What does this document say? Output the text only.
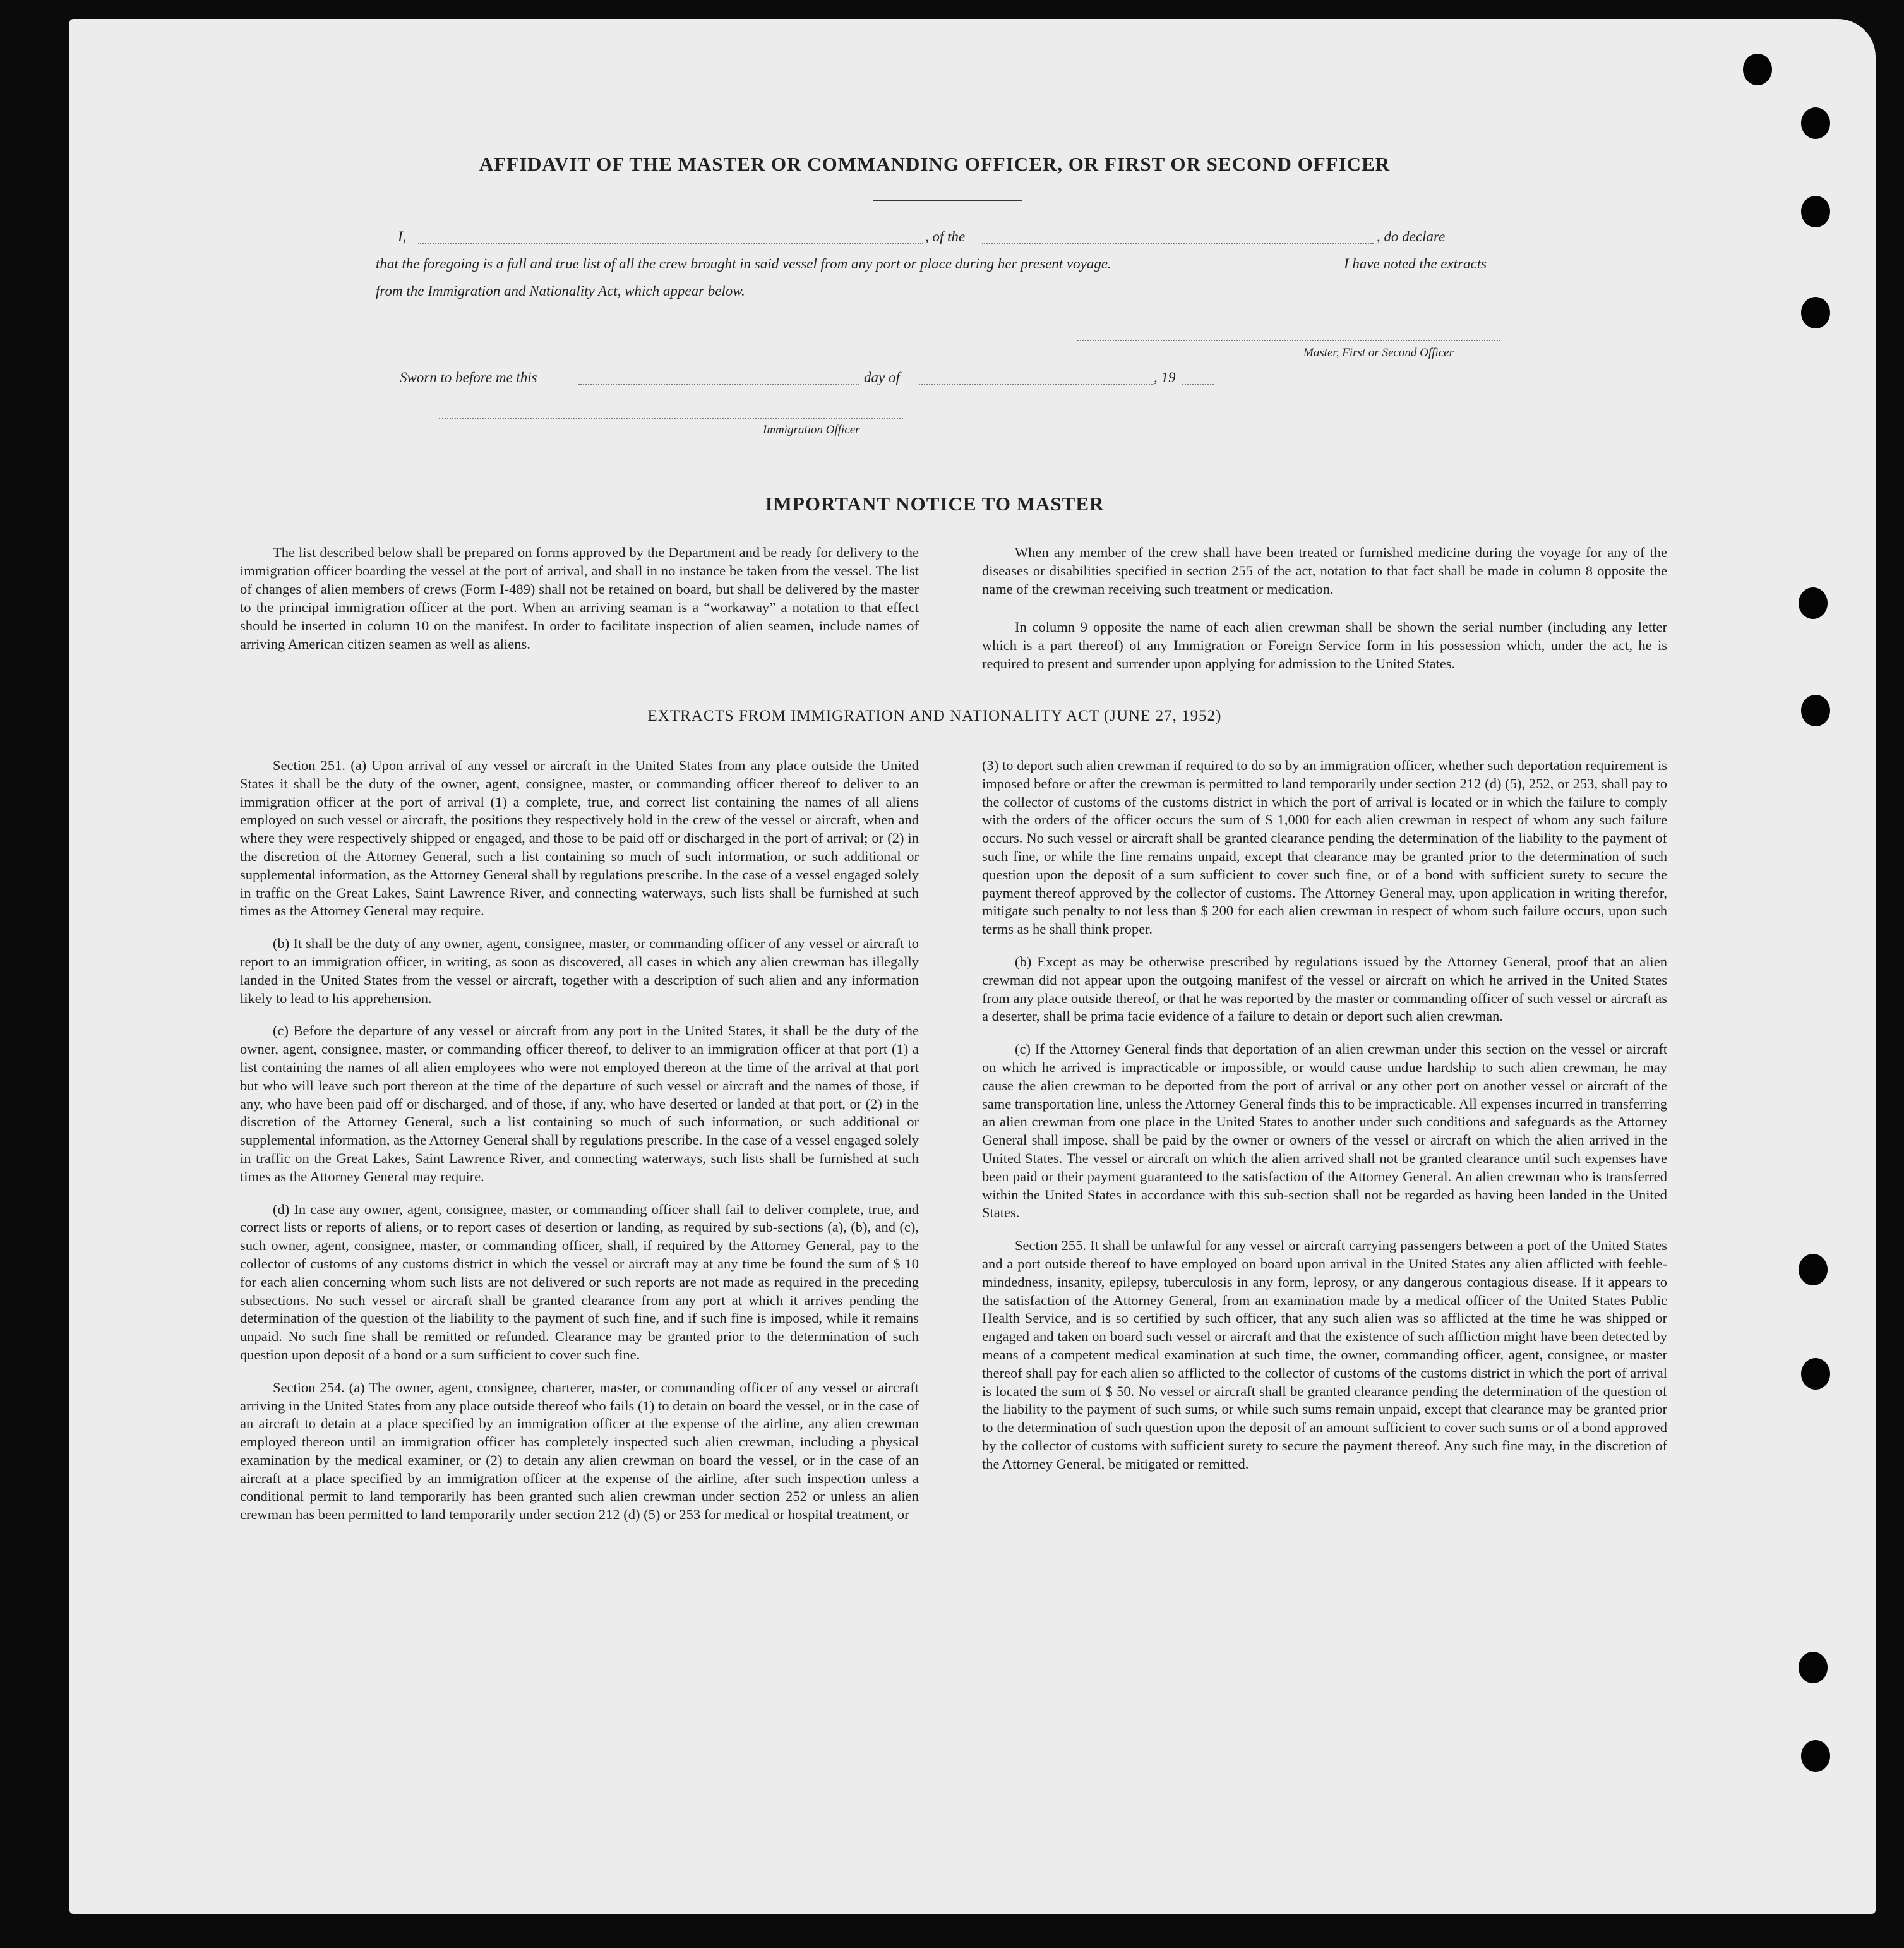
AFFIDAVIT OF THE MASTER OR COMMANDING OFFICER, OR FIRST OR SECOND OFFICER
I,	, of the	, do declare
that the foregoing is a full and true list of all the crew brought in said vessel from any port or place during her present voyage.	I have noted the extracts
from the Immigration and Nationality Act, which appear below.
Master, First or Second Officer
Sworn to before me this	day of	, 19
Immigration Officer
IMPORTANT NOTICE TO MASTER
The list described below shall be prepared on forms approved by the Department and be ready for delivery to the immigration officer boarding the vessel at the port of arrival, and shall in no instance be taken from the vessel. The list of changes of alien members of crews (Form I-489) shall not be retained on board, but shall be delivered by the master to the principal immigration officer at the port. When an arriving seaman is a “workaway” a notation to that effect should be inserted in column 10 on the manifest. In order to facilitate inspection of alien seamen, include names of arriving American citizen seamen as well as aliens.
When any member of the crew shall have been treated or furnished medicine during the voyage for any of the diseases or disabilities specified in section 255 of the act, notation to that fact shall be made in column 8 opposite the name of the crewman receiving such treatment or medication.
In column 9 opposite the name of each alien crewman shall be shown the serial number (including any letter which is a part thereof) of any Immigration or Foreign Service form in his possession which, under the act, he is required to present and surrender upon applying for admission to the United States.
EXTRACTS FROM IMMIGRATION AND NATIONALITY ACT (JUNE 27, 1952)

Section 251. (a) Upon arrival of any vessel or aircraft in the United States from any place outside the United States it shall be the duty of the owner, agent, consignee, master, or commanding officer thereof to deliver to an immigration officer at the port of arrival (1) a complete, true, and correct list containing the names of all aliens employed on such vessel or aircraft, the positions they respectively hold in the crew of the vessel or aircraft, when and where they were respectively shipped or engaged, and those to be paid off or discharged in the port of arrival; or (2) in the discretion of the Attorney General, such a list containing so much of such information, or such additional or supplemental information, as the Attorney General shall by regulations prescribe. In the case of a vessel engaged solely in traffic on the Great Lakes, Saint Lawrence River, and connecting waterways, such lists shall be furnished at such times as the Attorney General may require.

(b) It shall be the duty of any owner, agent, consignee, master, or commanding officer of any vessel or aircraft to report to an immigration officer, in writing, as soon as discovered, all cases in which any alien crewman has illegally landed in the United States from the vessel or aircraft, together with a description of such alien and any information likely to lead to his apprehension.

(c) Before the departure of any vessel or aircraft from any port in the United States, it shall be the duty of the owner, agent, consignee, master, or commanding officer thereof, to deliver to an immigration officer at that port (1) a list containing the names of all alien employees who were not employed thereon at the time of the arrival at that port but who will leave such port thereon at the time of the departure of such vessel or aircraft and the names of those, if any, who have been paid off or discharged, and of those, if any, who have deserted or landed at that port, or (2) in the discretion of the Attorney General, such a list containing so much of such information, or such additional or supplemental information, as the Attorney General shall by regulations prescribe. In the case of a vessel engaged solely in traffic on the Great Lakes, Saint Lawrence River, and connecting waterways, such lists shall be furnished at such times as the Attorney General may require.

(d) In case any owner, agent, consignee, master, or commanding officer shall fail to deliver complete, true, and correct lists or reports of aliens, or to report cases of desertion or landing, as required by sub-sections (a), (b), and (c), such owner, agent, consignee, master, or commanding officer, shall, if required by the Attorney General, pay to the collector of customs of any customs district in which the vessel or aircraft may at any time be found the sum of $ 10 for each alien concerning whom such lists are not delivered or such reports are not made as required in the preceding subsections. No such vessel or aircraft shall be granted clearance from any port at which it arrives pending the determination of the question of the liability to the payment of such fine, and if such fine is imposed, while it remains unpaid. No such fine shall be remitted or refunded. Clearance may be granted prior to the determination of such question upon deposit of a bond or a sum sufficient to cover such fine.

Section 254. (a) The owner, agent, consignee, charterer, master, or commanding officer of any vessel or aircraft arriving in the United States from any place outside thereof who fails (1) to detain on board the vessel, or in the case of an aircraft to detain at a place specified by an immigration officer at the expense of the airline, any alien crewman employed thereon until an immigration officer has completely inspected such alien crewman, including a physical examination by the medical examiner, or (2) to detain any alien crewman on board the vessel, or in the case of an aircraft at a place specified by an immigration officer at the expense of the airline, after such inspection unless a conditional permit to land temporarily has been granted such alien crewman under section 252 or unless an alien crewman has been permitted to land temporarily under section 212 (d) (5) or 253 for medical or hospital treatment, or

(3) to deport such alien crewman if required to do so by an immigration officer, whether such deportation requirement is imposed before or after the crewman is permitted to land temporarily under section 212 (d) (5), 252, or 253, shall pay to the collector of customs of the customs district in which the port of arrival is located or in which the failure to comply with the orders of the officer occurs the sum of $ 1,000 for each alien crewman in respect of whom any such failure occurs. No such vessel or aircraft shall be granted clearance pending the determination of the liability to the payment of such fine, or while the fine remains unpaid, except that clearance may be granted prior to the determination of such question upon the deposit of a sum sufficient to cover such fine, or of a bond with sufficient surety to secure the payment thereof approved by the collector of customs. The Attorney General may, upon application in writing therefor, mitigate such penalty to not less than $ 200 for each alien crewman in respect of whom such failure occurs, upon such terms as he shall think proper.

(b) Except as may be otherwise prescribed by regulations issued by the Attorney General, proof that an alien crewman did not appear upon the outgoing manifest of the vessel or aircraft on which he arrived in the United States from any place outside thereof, or that he was reported by the master or commanding officer of such vessel or aircraft as a deserter, shall be prima facie evidence of a failure to detain or deport such alien crewman.

(c) If the Attorney General finds that deportation of an alien crewman under this section on the vessel or aircraft on which he arrived is impracticable or impossible, or would cause undue hardship to such alien crewman, he may cause the alien crewman to be deported from the port of arrival or any other port on another vessel or aircraft of the same transportation line, unless the Attorney General finds this to be impracticable. All expenses incurred in transferring an alien crewman from one place in the United States to another under such conditions and safeguards as the Attorney General shall impose, shall be paid by the owner or owners of the vessel or aircraft on which the alien arrived in the United States. The vessel or aircraft on which the alien arrived shall not be granted clearance until such expenses have been paid or their payment guaranteed to the satisfaction of the Attorney General. An alien crewman who is transferred within the United States in accordance with this sub-section shall not be regarded as having been landed in the United States.

Section 255. It shall be unlawful for any vessel or aircraft carrying passengers between a port of the United States and a port outside thereof to have employed on board upon arrival in the United States any alien afflicted with feeble-mindedness, insanity, epilepsy, tuberculosis in any form, leprosy, or any dangerous contagious disease. If it appears to the satisfaction of the Attorney General, from an examination made by a medical officer of the United States Public Health Service, and is so certified by such officer, that any such alien was so afflicted at the time he was shipped or engaged and taken on board such vessel or aircraft and that the existence of such affliction might have been detected by means of a competent medical examination at such time, the owner, commanding officer, agent, consignee, or master thereof shall pay for each alien so afflicted to the collector of customs of the customs district in which the port of arrival is located the sum of $ 50. No vessel or aircraft shall be granted clearance pending the determination of the question of the liability to the payment of such sums, or while such sums remain unpaid, except that clearance may be granted prior to the determination of such question upon the deposit of an amount sufficient to cover such sums or of a bond approved by the collector of customs with sufficient surety to secure the payment thereof. Any such fine may, in the discretion of the Attorney General, be mitigated or remitted.
